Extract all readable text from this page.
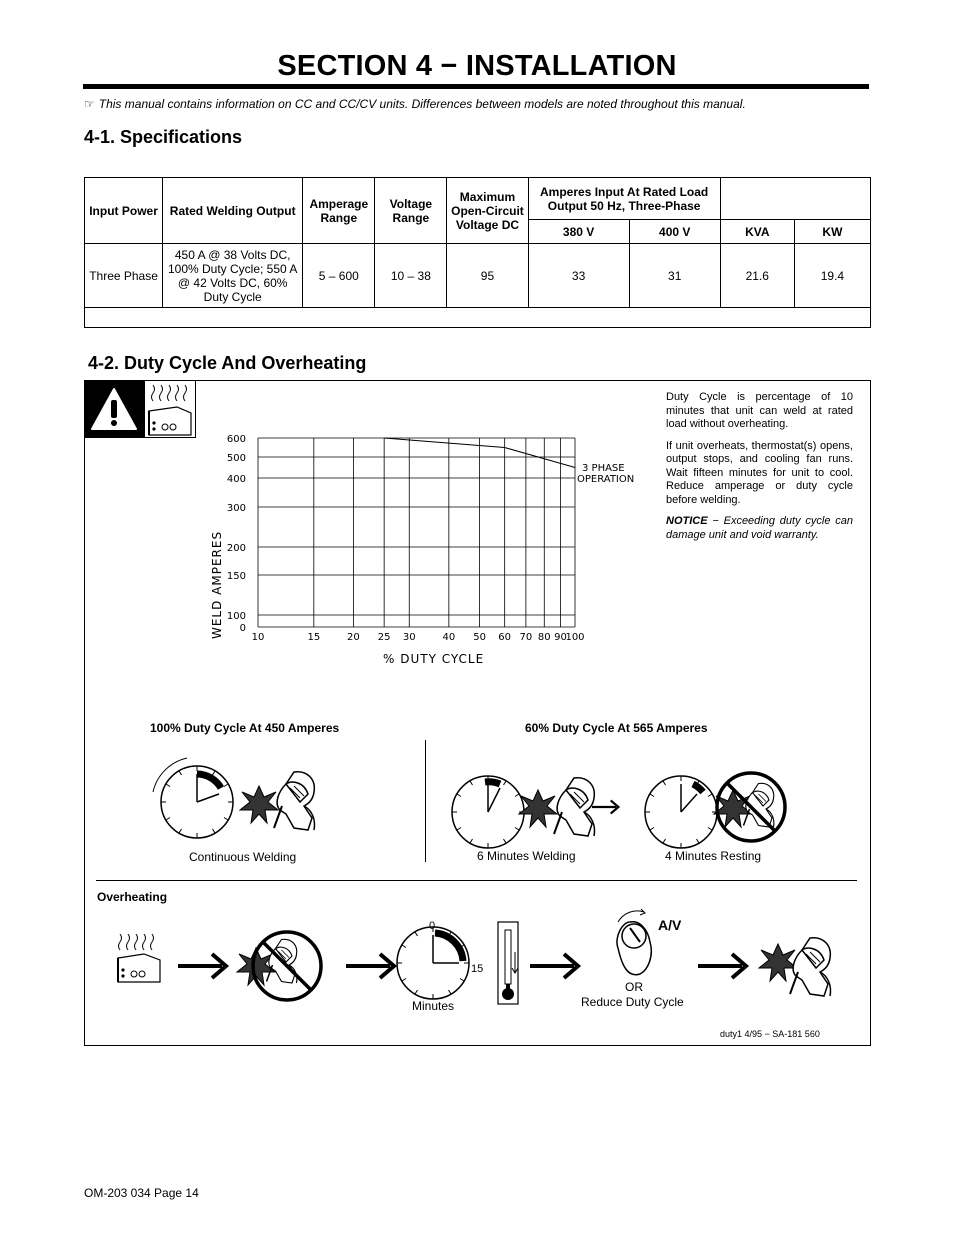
SECTION 4 − INSTALLATION
☞ This manual contains information on CC and CC/CV units. Differences between models are noted throughout this manual.
4-1. Specifications
Input Power	Rated Welding Output	Amperage Range	Voltage Range	Maximum Open-Circuit Voltage DC	Amperes Input At Rated Load Output 50 Hz, Three-Phase			
					380 V	400 V	KVA	KW
Three Phase	450 A @ 38 Volts DC, 100% Duty Cycle; 550 A @ 42 Volts DC, 60% Duty Cycle	5 – 600	10 – 38	95	33	31	21.6	19.4

4-2. Duty Cycle And Overheating
10	15	20 25 30	40 50 60 70 80 90
100
0
100
150
200
300
400
500
600
3 PHASE
OPERATION
% DUTY CYCLE
WELD AMPERES

Duty Cycle is percentage of 10 minutes that unit can weld at rated load without overheating.

If unit overheats, thermostat(s) opens, output stops, and cooling fan runs. Wait fifteen minutes for unit to cool. Reduce amperage or duty cycle before welding.

NOTICE − Exceeding duty cycle can damage unit and void warranty.

100% Duty Cycle At 450 Amperes	60% Duty Cycle At 565 Amperes
Continuous Welding	6 Minutes Welding	4 Minutes Resting
Overheating
0
15
Minutes
A/V
OR
Reduce Duty Cycle
duty1 4/95 − SA-181 560
OM-203 034 Page 14
